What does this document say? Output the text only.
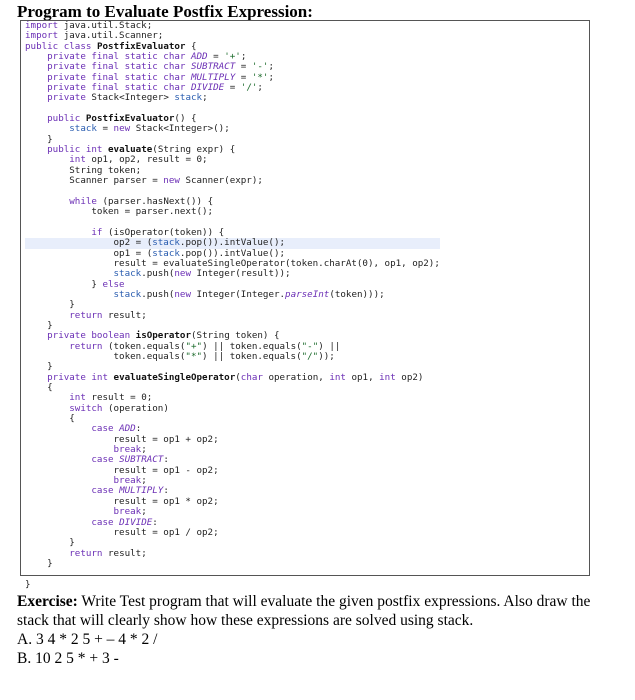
Program to Evaluate Postfix Expression:
import java.util.Stack;
import java.util.Scanner;
public class PostfixEvaluator {
private final static char ADD = '+';
private final static char SUBTRACT = '-';
private final static char MULTIPLY = '*';
private final static char DIVIDE = '/';
private Stack<Integer> stack;

public PostfixEvaluator() {
stack = new Stack<Integer>();
}
public int evaluate(String expr) {
int op1, op2, result = 0;
String token;
Scanner parser = new Scanner(expr);

while (parser.hasNext()) {
token = parser.next();

if (isOperator(token)) {
op2 = (stack.pop()).intValue();
op1 = (stack.pop()).intValue();
result = evaluateSingleOperator(token.charAt(0), op1, op2);
stack.push(new Integer(result));
} else
stack.push(new Integer(Integer.parseInt(token)));
}
return result;
}
private boolean isOperator(String token) {
return (token.equals("+") || token.equals("-") ||
token.equals("*") || token.equals("/"));
}
private int evaluateSingleOperator(char operation, int op1, int op2)
{
int result = 0;
switch (operation)
{
case ADD:
result = op1 + op2;
break;
case SUBTRACT:
result = op1 - op2;
break;
case MULTIPLY:
result = op1 * op2;
break;
case DIVIDE:
result = op1 / op2;
}
return result;
}

}
Exercise: Write Test program that will evaluate the given postfix expressions. Also draw the stack that will clearly show how these expressions are solved using stack.
A. 3 4 * 2 5 + – 4 * 2 /
B. 10 2 5 * + 3 -
